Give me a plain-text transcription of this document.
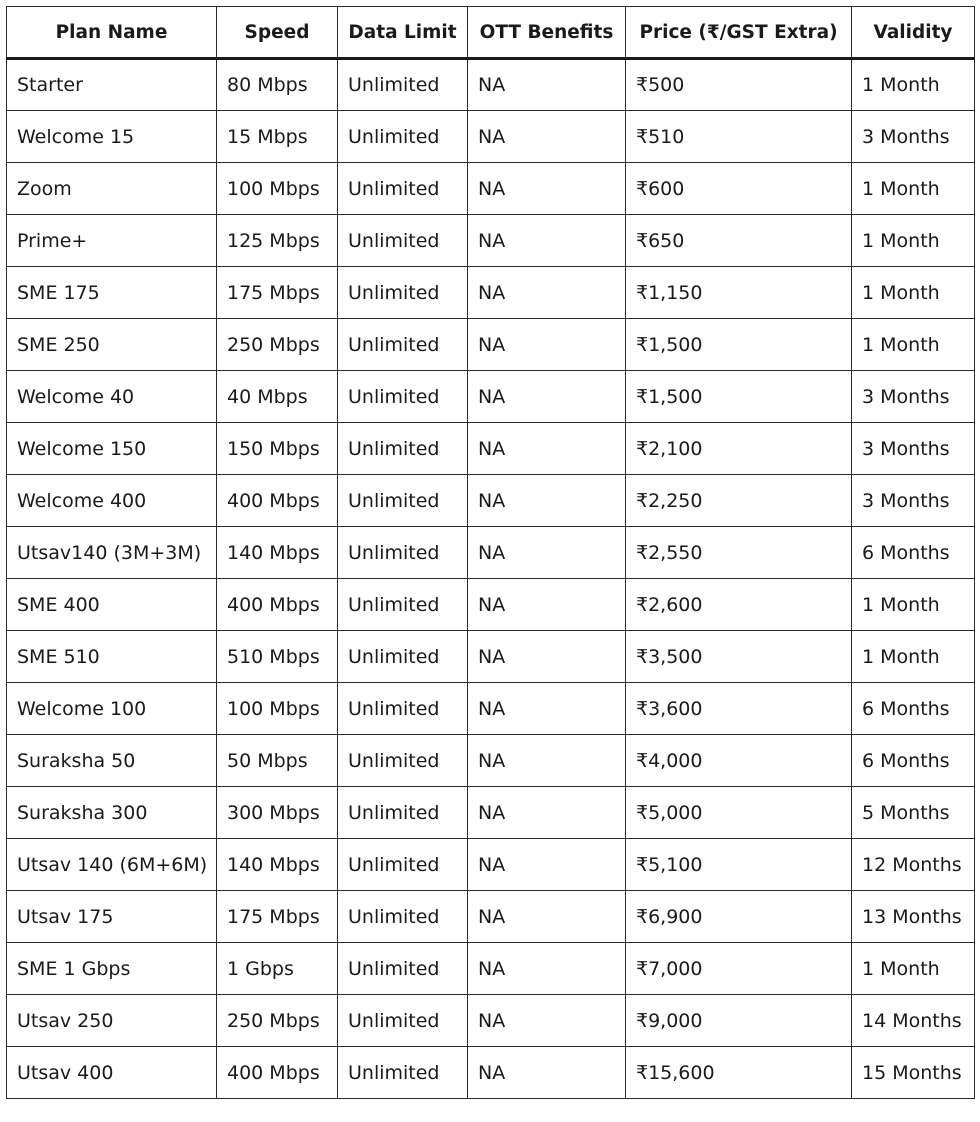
Plan Name	Speed	Data Limit	OTT Benefits	Price (₹/GST Extra)	Validity
Starter	80 Mbps	Unlimited	NA	₹500	1 Month
Welcome 15	15 Mbps	Unlimited	NA	₹510	3 Months
Zoom	100 Mbps	Unlimited	NA	₹600	1 Month
Prime+	125 Mbps	Unlimited	NA	₹650	1 Month
SME 175	175 Mbps	Unlimited	NA	₹1,150	1 Month
SME 250	250 Mbps	Unlimited	NA	₹1,500	1 Month
Welcome 40	40 Mbps	Unlimited	NA	₹1,500	3 Months
Welcome 150	150 Mbps	Unlimited	NA	₹2,100	3 Months
Welcome 400	400 Mbps	Unlimited	NA	₹2,250	3 Months
Utsav140 (3M+3M)	140 Mbps	Unlimited	NA	₹2,550	6 Months
SME 400	400 Mbps	Unlimited	NA	₹2,600	1 Month
SME 510	510 Mbps	Unlimited	NA	₹3,500	1 Month
Welcome 100	100 Mbps	Unlimited	NA	₹3,600	6 Months
Suraksha 50	50 Mbps	Unlimited	NA	₹4,000	6 Months
Suraksha 300	300 Mbps	Unlimited	NA	₹5,000	5 Months
Utsav 140 (6M+6M)	140 Mbps	Unlimited	NA	₹5,100	12 Months
Utsav 175	175 Mbps	Unlimited	NA	₹6,900	13 Months
SME 1 Gbps	1 Gbps	Unlimited	NA	₹7,000	1 Month
Utsav 250	250 Mbps	Unlimited	NA	₹9,000	14 Months
Utsav 400	400 Mbps	Unlimited	NA	₹15,600	15 Months
